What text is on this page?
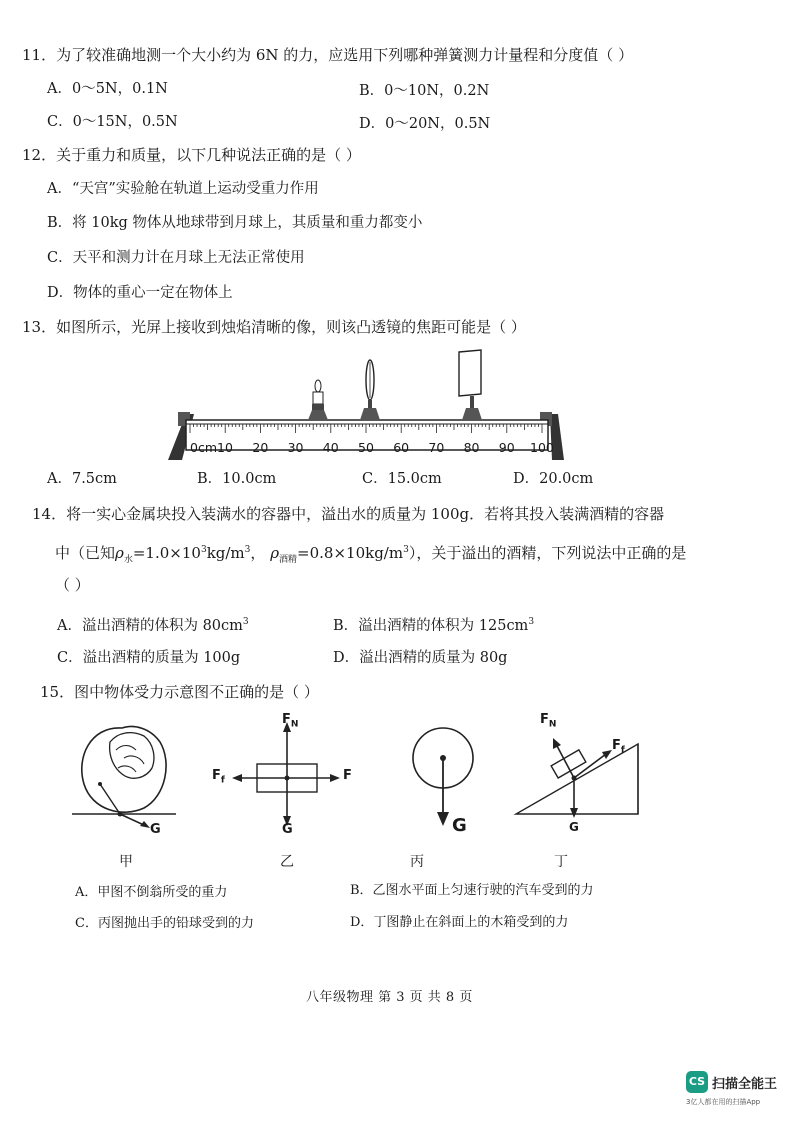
11．为了较准确地测一个大小约为 6N 的力，应选用下列哪种弹簧测力计量程和分度值（ ）
A．0～5N，0.1N	B．0～10N，0.2N
C．0～15N，0.5N	D．0～20N，0.5N
12．关于重力和质量，以下几种说法正确的是（ ）
A．“天宫”实验舱在轨道上运动受重力作用
B．将 10kg 物体从地球带到月球上，其质量和重力都变小
C．天平和测力计在月球上无法正常使用
D．物体的重心一定在物体上
13．如图所示，光屏上接收到烛焰清晰的像，则该凸透镜的焦距可能是（ ）
0cm10 20 30 40 50 60 70 80 90 100
A．7.5cm	B．10.0cm	C．15.0cm	D．20.0cm
14．将一实心金属块投入装满水的容器中，溢出水的质量为 100g．若将其投入装满酒精的容器
中（已知$\rho_水=1.0\times 10^3kg/m^3$， $\rho_{酒精}=0.8\times 10kg/m^3$），关于溢出的酒精，下列说法中正确的是
（ ）
A．溢出酒精的体积为 $80cm^3$	B．溢出酒精的体积为 $125cm^3$
C．溢出酒精的质量为 100g	D．溢出酒精的质量为 80g
15．图中物体受力示意图不正确的是（ ）
G
$F_N$
$F_f$	F
G	G
$F_N$
$F_f$
G
甲	乙	丙	丁
A．甲图不倒翁所受的重力	B．乙图水平面上匀速行驶的汽车受到的力
C．丙图抛出手的铅球受到的力	D．丁图静止在斜面上的木箱受到的力
八年级物理 第 3 页 共 8 页
CS 扫描全能王
3亿人都在用的扫描App
